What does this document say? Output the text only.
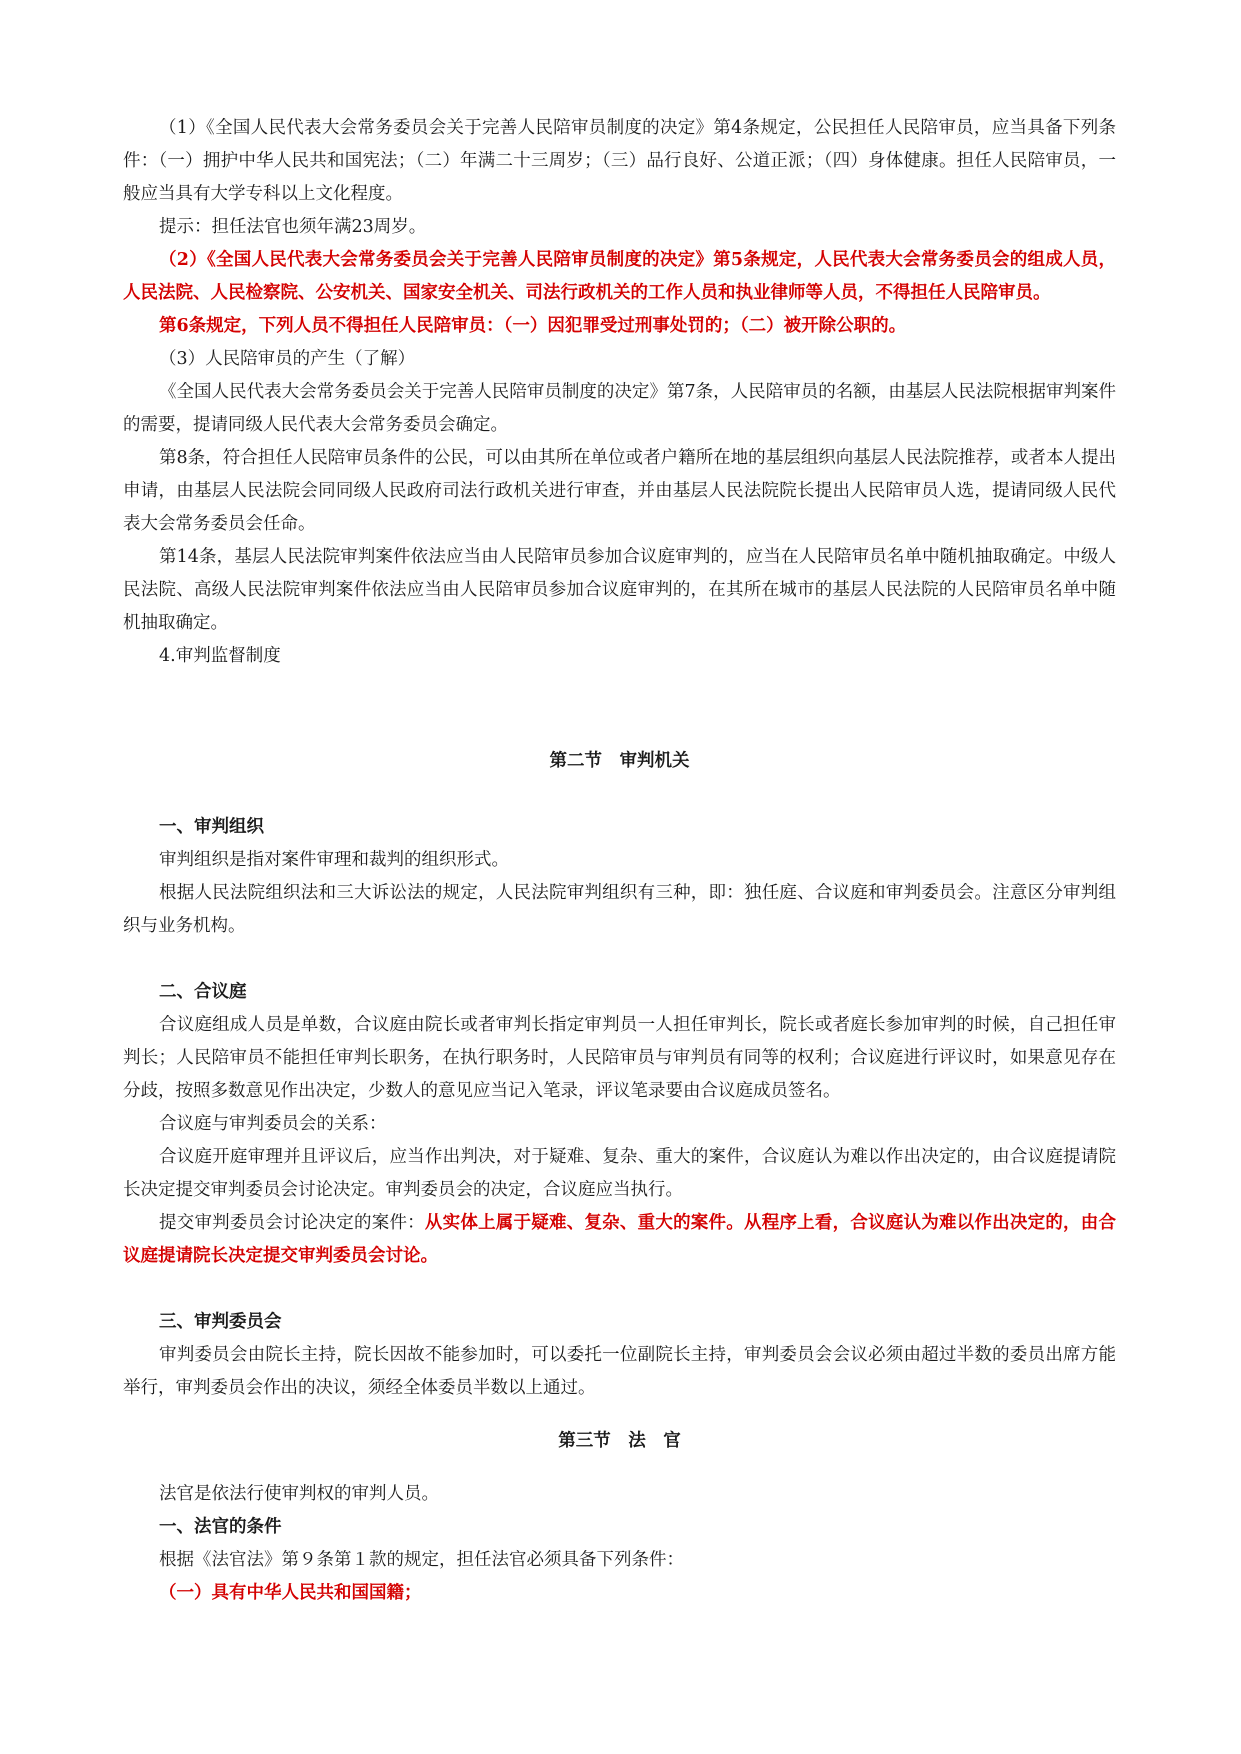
（1）《全国人民代表大会常务委员会关于完善人民陪审员制度的决定》第4条规定，公民担任人民陪审员，应当具备下列条件：（一）拥护中华人民共和国宪法；（二）年满二十三周岁；（三）品行良好、公道正派；（四）身体健康。担任人民陪审员，一般应当具有大学专科以上文化程度。

提示：担任法官也须年满23周岁。

（2）《全国人民代表大会常务委员会关于完善人民陪审员制度的决定》第5条规定，人民代表大会常务委员会的组成人员，人民法院、人民检察院、公安机关、国家安全机关、司法行政机关的工作人员和执业律师等人员，不得担任人民陪审员。

第6条规定，下列人员不得担任人民陪审员：（一）因犯罪受过刑事处罚的；（二）被开除公职的。

（3）人民陪审员的产生（了解）

《全国人民代表大会常务委员会关于完善人民陪审员制度的决定》第7条，人民陪审员的名额，由基层人民法院根据审判案件的需要，提请同级人民代表大会常务委员会确定。

第8条，符合担任人民陪审员条件的公民，可以由其所在单位或者户籍所在地的基层组织向基层人民法院推荐，或者本人提出申请，由基层人民法院会同同级人民政府司法行政机关进行审查，并由基层人民法院院长提出人民陪审员人选，提请同级人民代表大会常务委员会任命。

第14条，基层人民法院审判案件依法应当由人民陪审员参加合议庭审判的，应当在人民陪审员名单中随机抽取确定。中级人民法院、高级人民法院审判案件依法应当由人民陪审员参加合议庭审判的，在其所在城市的基层人民法院的人民陪审员名单中随机抽取确定。

4.审判监督制度

第二节　审判机关
一、审判组织

审判组织是指对案件审理和裁判的组织形式。

根据人民法院组织法和三大诉讼法的规定，人民法院审判组织有三种，即：独任庭、合议庭和审判委员会。注意区分审判组织与业务机构。

二、合议庭

合议庭组成人员是单数，合议庭由院长或者审判长指定审判员一人担任审判长，院长或者庭长参加审判的时候，自己担任审判长；人民陪审员不能担任审判长职务，在执行职务时，人民陪审员与审判员有同等的权利；合议庭进行评议时，如果意见存在分歧，按照多数意见作出决定，少数人的意见应当记入笔录，评议笔录要由合议庭成员签名。

合议庭与审判委员会的关系：

合议庭开庭审理并且评议后，应当作出判决，对于疑难、复杂、重大的案件，合议庭认为难以作出决定的，由合议庭提请院长决定提交审判委员会讨论决定。审判委员会的决定，合议庭应当执行。

提交审判委员会讨论决定的案件：从实体上属于疑难、复杂、重大的案件。从程序上看，合议庭认为难以作出决定的，由合议庭提请院长决定提交审判委员会讨论。

三、审判委员会

审判委员会由院长主持，院长因故不能参加时，可以委托一位副院长主持，审判委员会会议必须由超过半数的委员出席方能举行，审判委员会作出的决议，须经全体委员半数以上通过。

第三节　法　官

法官是依法行使审判权的审判人员。

一、法官的条件

根据《法官法》第９条第１款的规定，担任法官必须具备下列条件：

（一）具有中华人民共和国国籍；
